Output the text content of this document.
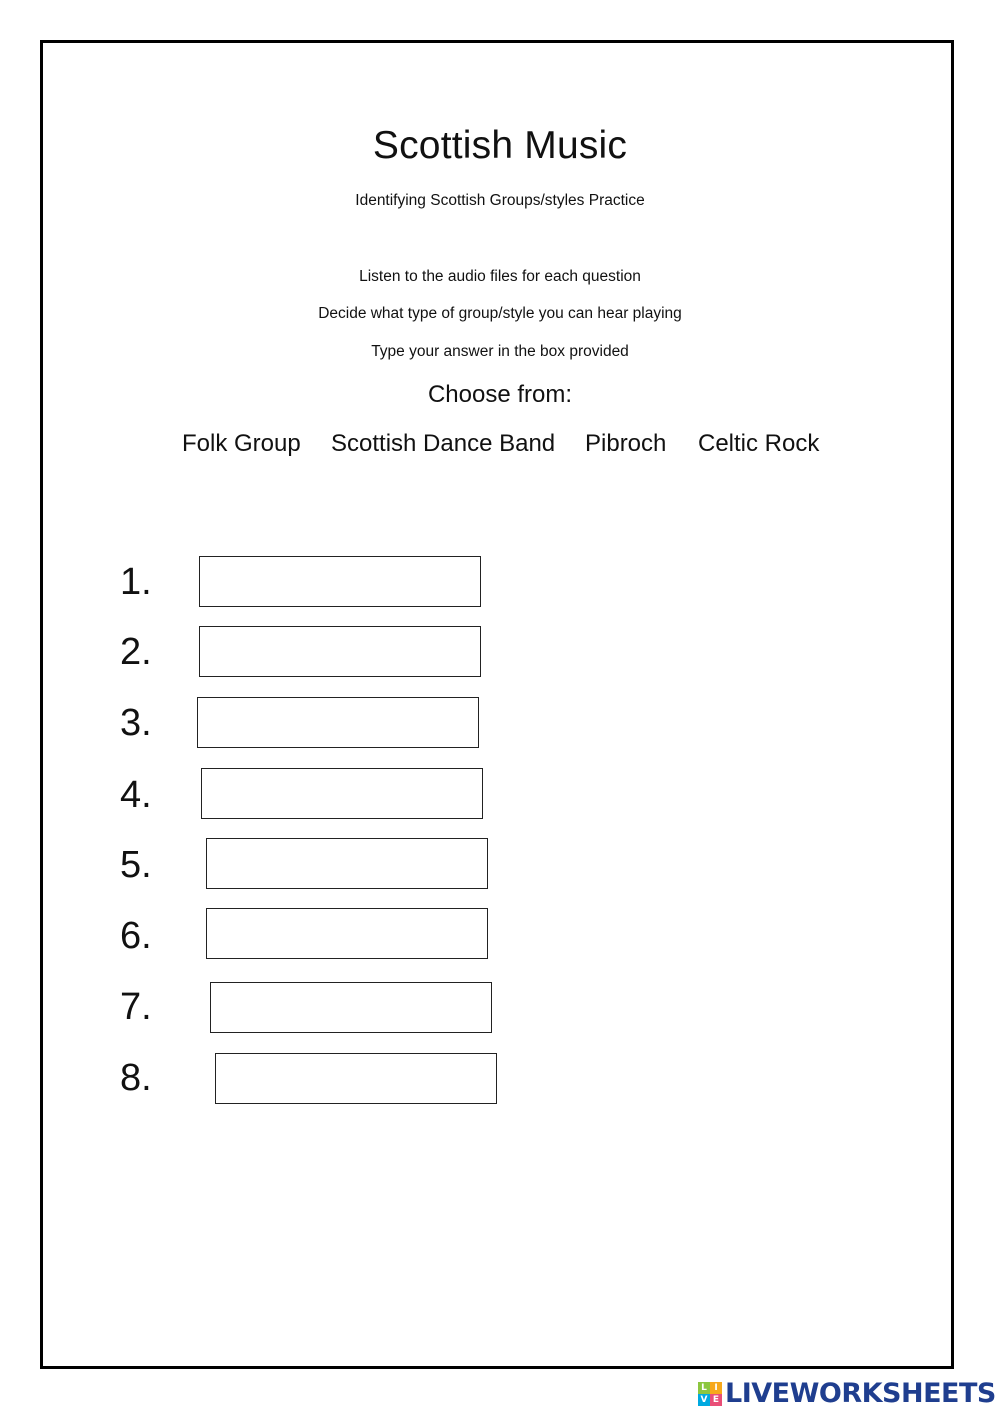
Scottish Music
Identifying Scottish Groups/styles Practice
Listen to the audio files for each question
Decide what type of group/style you can hear playing
Type your answer in the box provided
Choose from:
Folk Group Scottish Dance Band Pibroch Celtic Rock
1.
2.
3.
4.
5.
6.
7.
8.
L I
V E LIVEWORKSHEETS
